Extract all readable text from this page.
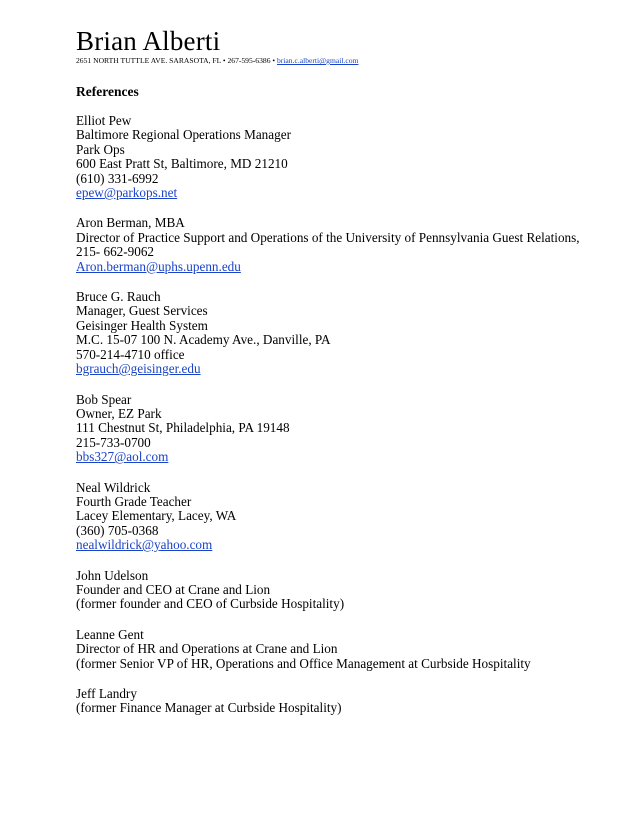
Brian Alberti
2651 NORTH TUTTLE AVE. SARASOTA, FL • 267-595-6386 • brian.c.alberti@gmail.com
References
Elliot Pew
Baltimore Regional Operations Manager
Park Ops
600 East Pratt St, Baltimore, MD 21210
(610) 331-6992
epew@parkops.net
Aron Berman, MBA
Director of Practice Support and Operations of the University of Pennsylvania Guest Relations,
215- 662-9062
Aron.berman@uphs.upenn.edu
Bruce G. Rauch
Manager, Guest Services
Geisinger Health System
M.C. 15-07 100 N. Academy Ave., Danville, PA
570-214-4710 office
bgrauch@geisinger.edu
Bob Spear
Owner, EZ Park
111 Chestnut St, Philadelphia, PA 19148
215-733-0700
bbs327@aol.com
Neal Wildrick
Fourth Grade Teacher
Lacey Elementary, Lacey, WA
(360) 705-0368
nealwildrick@yahoo.com
John Udelson
Founder and CEO at Crane and Lion
(former founder and CEO of Curbside Hospitality)
Leanne Gent
Director of HR and Operations at Crane and Lion
(former Senior VP of HR, Operations and Office Management at Curbside Hospitality
Jeff Landry
(former Finance Manager at Curbside Hospitality)
